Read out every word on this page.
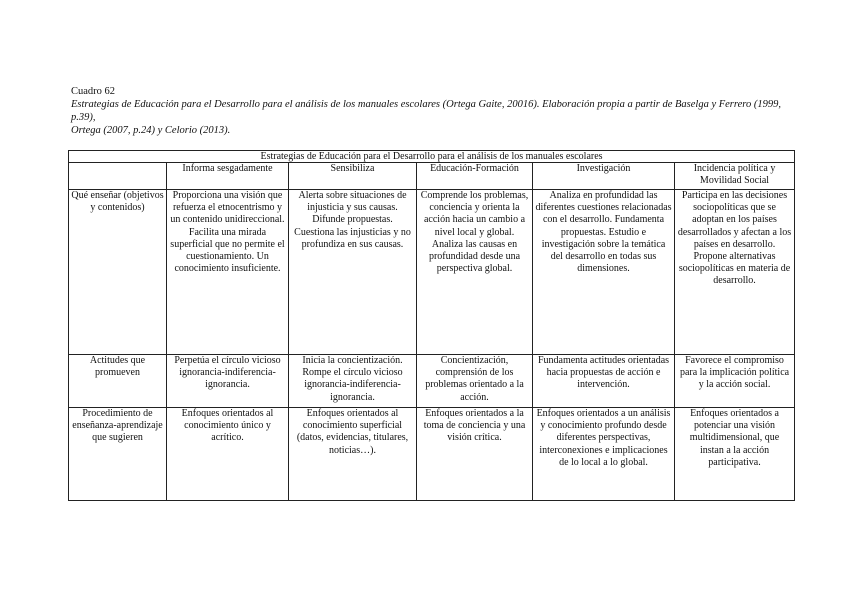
Cuadro 62
Estrategias de Educación para el Desarrollo para el análisis de los manuales escolares (Ortega Gaite, 20016). Elaboración propia a partir de Baselga y Ferrero (1999, p.39),
Ortega (2007, p.24) y Celorio (2013).
Estrategias de Educación para el Desarrollo para el análisis de los manuales escolares					
	Informa sesgadamente	Sensibiliza	Educación-Formación	Investigación	Incidencia política y Movilidad Social
Qué enseñar (objetivos y contenidos)	Proporciona una visión que refuerza el etnocentrismo y un contenido unidireccional. Facilita una mirada superficial que no permite el cuestionamiento. Un conocimiento insuficiente.	Alerta sobre situaciones de injusticia y sus causas. Difunde propuestas. Cuestiona las injusticias y no profundiza en sus causas.	Comprende los problemas, conciencia y orienta la acción hacia un cambio a nivel local y global. Analiza las causas en profundidad desde una perspectiva global.	Analiza en profundidad las diferentes cuestiones relacionadas con el desarrollo. Fundamenta propuestas. Estudio e investigación sobre la temática del desarrollo en todas sus dimensiones.	Participa en las decisiones sociopolíticas que se adoptan en los países desarrollados y afectan a los países en desarrollo. Propone alternativas sociopolíticas en materia de desarrollo.
Actitudes que promueven	Perpetúa el círculo vicioso ignorancia-indiferencia-ignorancia.	Inicia la concientización. Rompe el círculo vicioso ignorancia-indiferencia-ignorancia.	Concientización, comprensión de los problemas orientado a la acción.	Fundamenta actitudes orientadas hacia propuestas de acción e intervención.	Favorece el compromiso para la implicación política y la acción social.
Procedimiento de enseñanza-aprendizaje que sugieren	Enfoques orientados al conocimiento único y acrítico.	Enfoques orientados al conocimiento superficial (datos, evidencias, titulares, noticias…).	Enfoques orientados a la toma de conciencia y una visión crítica.	Enfoques orientados a un análisis y conocimiento profundo desde diferentes perspectivas, interconexiones e implicaciones de lo local a lo global.	Enfoques orientados a potenciar una visión multidimensional, que instan a la acción participativa.
